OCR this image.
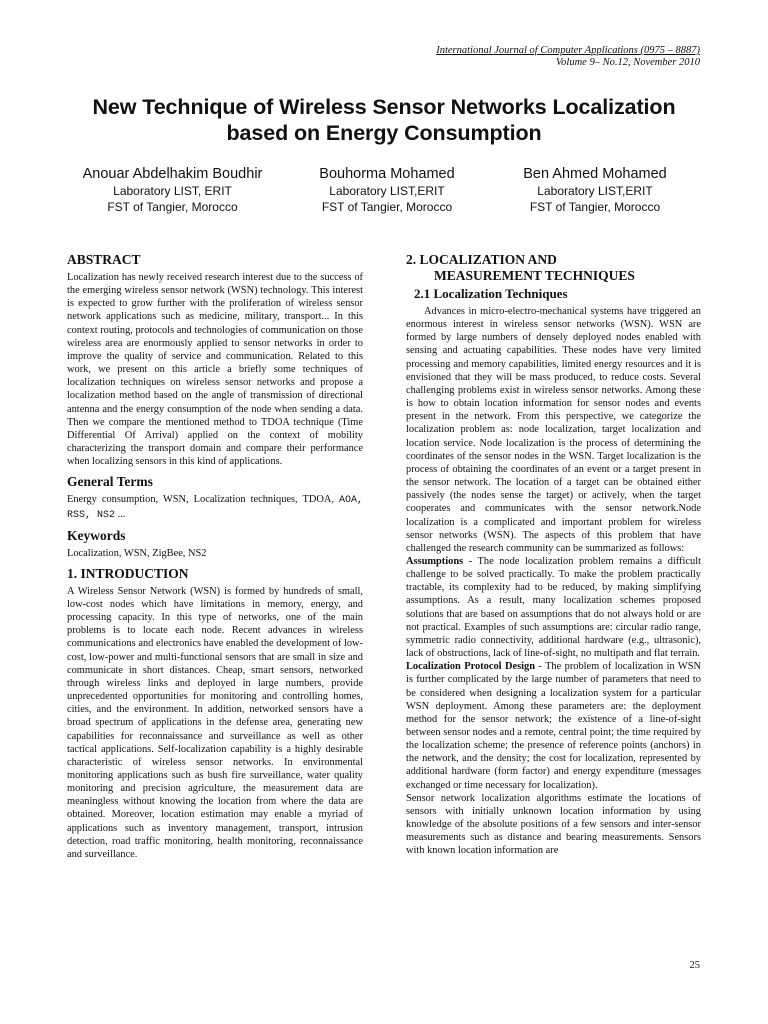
International Journal of Computer Applications (0975 – 8887)
Volume 9– No.12, November 2010
New Technique of Wireless Sensor Networks Localization
based on Energy Consumption
Anouar Abdelhakim Boudhir
Laboratory LIST, ERIT
FST of Tangier, Morocco
Bouhorma Mohamed
Laboratory LIST,ERIT
FST of Tangier, Morocco
Ben Ahmed Mohamed
Laboratory LIST,ERIT
FST of Tangier, Morocco
ABSTRACT

Localization has newly received research interest due to the success of the emerging wireless sensor network (WSN) technology. This interest is expected to grow further with the proliferation of wireless sensor network applications such as medicine, military, transport... In this context routing, protocols and technologies of communication on those wireless area are enormously applied to sensor networks in order to improve the quality of service and communication. Related to this work, we present on this article a briefly some techniques of localization techniques on wireless sensor networks and propose a localization method based on the angle of transmission of directional antenna and the energy consumption of the node when sending a data. Then we compare the mentioned method to TDOA technique (Time Differential Of Arrival) applied on the context of mobility characterizing the transport domain and compare their performance when localizing sensors in this kind of applications.

General Terms

Energy consumption, WSN, Localization techniques, TDOA, AOA, RSS, NS2 ...

Keywords

Localization, WSN, ZigBee, NS2

1. INTRODUCTION

A Wireless Sensor Network (WSN) is formed by hundreds of small, low-cost nodes which have limitations in memory, energy, and processing capacity. In this type of networks, one of the main problems is to locate each node. Recent advances in wireless communications and electronics have enabled the development of low-cost, low-power and multi-functional sensors that are small in size and communicate in short distances. Cheap, smart sensors, networked through wireless links and deployed in large numbers, provide unprecedented opportunities for monitoring and controlling homes, cities, and the environment. In addition, networked sensors have a broad spectrum of applications in the defense area, generating new capabilities for reconnaissance and surveillance as well as other tactical applications. Self-localization capability is a highly desirable characteristic of wireless sensor networks. In environmental monitoring applications such as bush fire surveillance, water quality monitoring and precision agriculture, the measurement data are meaningless without knowing the location from where the data are obtained. Moreover, location estimation may enable a myriad of applications such as inventory management, transport, intrusion detection, road traffic monitoring, health monitoring, reconnaissance and surveillance.

2. LOCALIZATION AND
MEASUREMENT TECHNIQUES
2.1 Localization Techniques

Advances in micro-electro-mechanical systems have triggered an enormous interest in wireless sensor networks (WSN). WSN are formed by large numbers of densely deployed nodes enabled with sensing and actuating capabilities. These nodes have very limited processing and memory capabilities, limited energy resources and it is envisioned that they will be mass produced, to reduce costs. Several challenging problems exist in wireless sensor networks. Among these is how to obtain location information for sensor nodes and events present in the network. From this perspective, we categorize the localization problem as: node localization, target localization and location service. Node localization is the process of determining the coordinates of the sensor nodes in the WSN. Target localization is the process of obtaining the coordinates of an event or a target present in the sensor network. The location of a target can be obtained either passively (the nodes sense the target) or actively, when the target cooperates and communicates with the sensor network.Node localization is a complicated and important problem for wireless sensor networks (WSN). The aspects of this problem that have challenged the research community can be summarized as follows:

Assumptions - The node localization problem remains a difficult challenge to be solved practically. To make the problem practically tractable, its complexity had to be reduced, by making simplifying assumptions. As a result, many localization schemes proposed solutions that are based on assumptions that do not always hold or are not practical. Examples of such assumptions are: circular radio range, symmetric radio connectivity, additional hardware (e.g., ultrasonic), lack of obstructions, lack of line-of-sight, no multipath and flat terrain.

Localization Protocol Design - The problem of localization in WSN is further complicated by the large number of parameters that need to be considered when designing a localization system for a particular WSN deployment. Among these parameters are: the deployment method for the sensor network; the existence of a line-of-sight between sensor nodes and a remote, central point; the time required by the localization scheme; the presence of reference points (anchors) in the network, and the density; the cost for localization, represented by additional hardware (form factor) and energy expenditure (messages exchanged or time necessary for localization).

Sensor network localization algorithms estimate the locations of sensors with initially unknown location information by using knowledge of the absolute positions of a few sensors and inter-sensor measurements such as distance and bearing measurements. Sensors with known location information are

25
